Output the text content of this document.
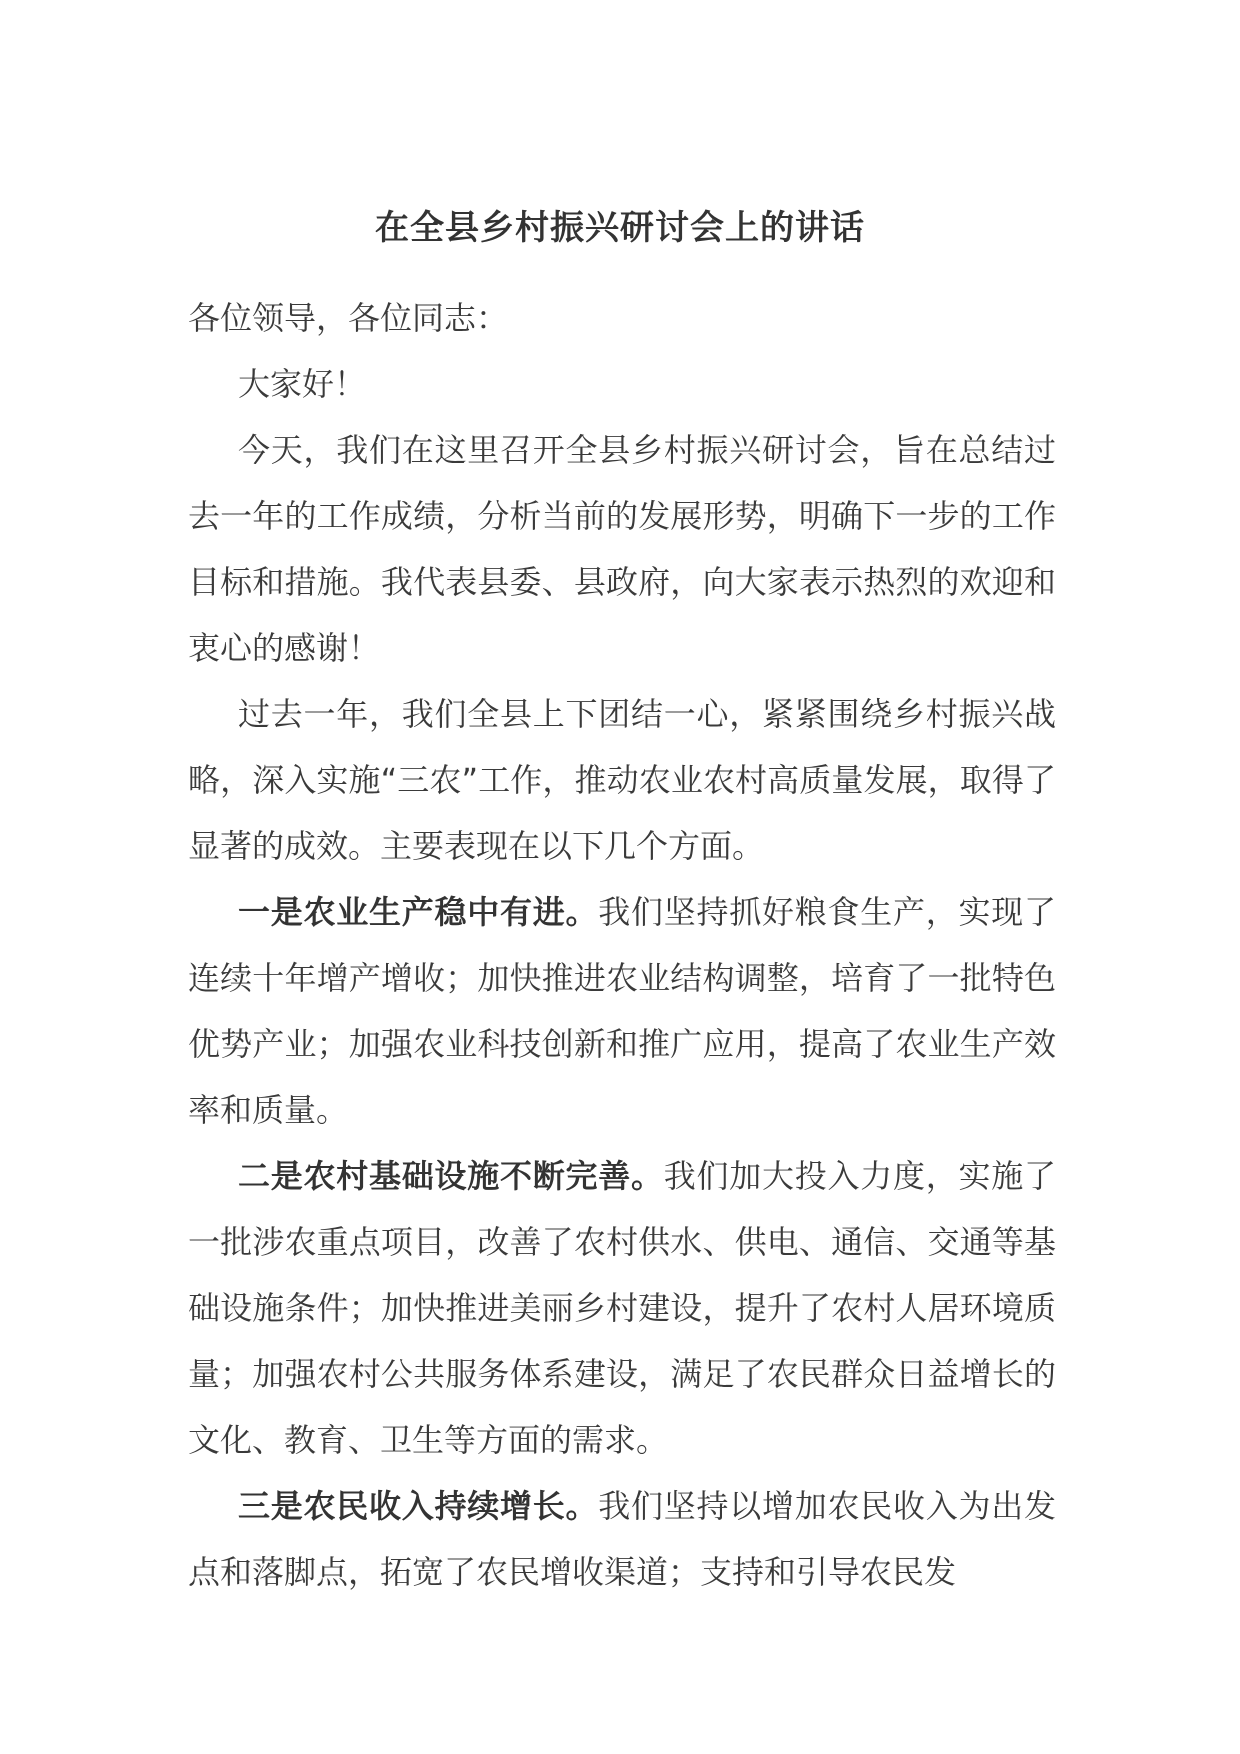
在全县乡村振兴研讨会上的讲话

各位领导，各位同志：

大家好！

今天，我们在这里召开全县乡村振兴研讨会，旨在总结过去一年的工作成绩，分析当前的发展形势，明确下一步的工作目标和措施。我代表县委、县政府，向大家表示热烈的欢迎和衷心的感谢！

过去一年，我们全县上下团结一心，紧紧围绕乡村振兴战略，深入实施“三农”工作，推动农业农村高质量发展，取得了显著的成效。主要表现在以下几个方面。

一是农业生产稳中有进。我们坚持抓好粮食生产，实现了连续十年增产增收；加快推进农业结构调整，培育了一批特色优势产业；加强农业科技创新和推广应用，提高了农业生产效率和质量。

二是农村基础设施不断完善。我们加大投入力度，实施了一批涉农重点项目，改善了农村供水、供电、通信、交通等基础设施条件；加快推进美丽乡村建设，提升了农村人居环境质量；加强农村公共服务体系建设，满足了农民群众日益增长的文化、教育、卫生等方面的需求。

三是农民收入持续增长。我们坚持以增加农民收入为出发点和落脚点，拓宽了农民增收渠道；支持和引导农民发
